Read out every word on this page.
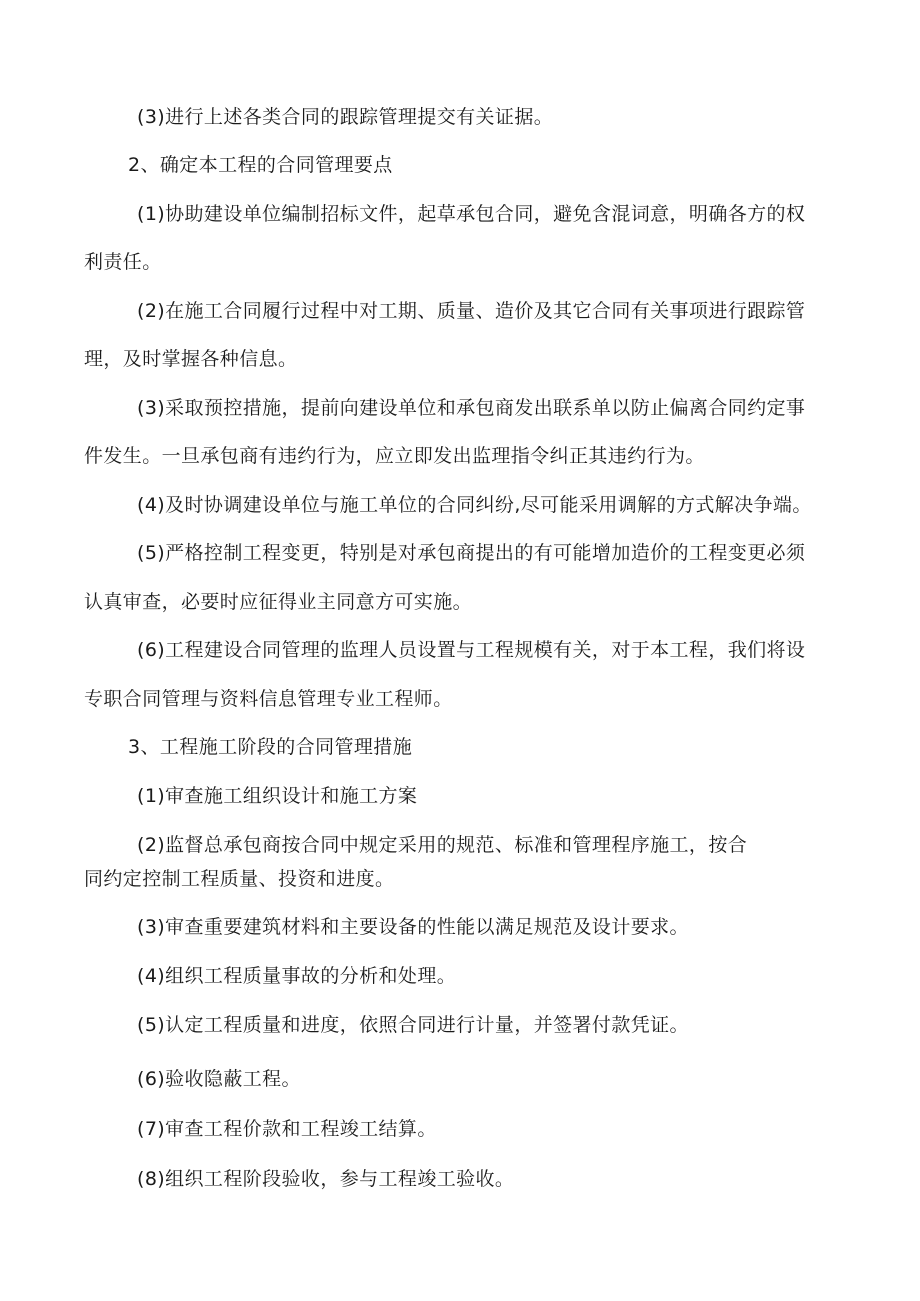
(3)进行上述各类合同的跟踪管理提交有关证据。
2、确定本工程的合同管理要点
(1)协助建设单位编制招标文件，起草承包合同，避免含混词意，明确各方的权
利责任。
(2)在施工合同履行过程中对工期、质量、造价及其它合同有关事项进行跟踪管
理，及时掌握各种信息。
(3)采取预控措施，提前向建设单位和承包商发出联系单以防止偏离合同约定事
件发生。一旦承包商有违约行为，应立即发出监理指令纠正其违约行为。
(4)及时协调建设单位与施工单位的合同纠纷,尽可能采用调解的方式解决争端。
(5)严格控制工程变更，特别是对承包商提出的有可能增加造价的工程变更必须
认真审查，必要时应征得业主同意方可实施。
(6)工程建设合同管理的监理人员设置与工程规模有关，对于本工程，我们将设
专职合同管理与资料信息管理专业工程师。
3、工程施工阶段的合同管理措施
(1)审查施工组织设计和施工方案
(2)监督总承包商按合同中规定采用的规范、标准和管理程序施工，按合
同约定控制工程质量、投资和进度。
(3)审查重要建筑材料和主要设备的性能以满足规范及设计要求。
(4)组织工程质量事故的分析和处理。
(5)认定工程质量和进度，依照合同进行计量，并签署付款凭证。
(6)验收隐蔽工程。
(7)审查工程价款和工程竣工结算。
(8)组织工程阶段验收，参与工程竣工验收。
